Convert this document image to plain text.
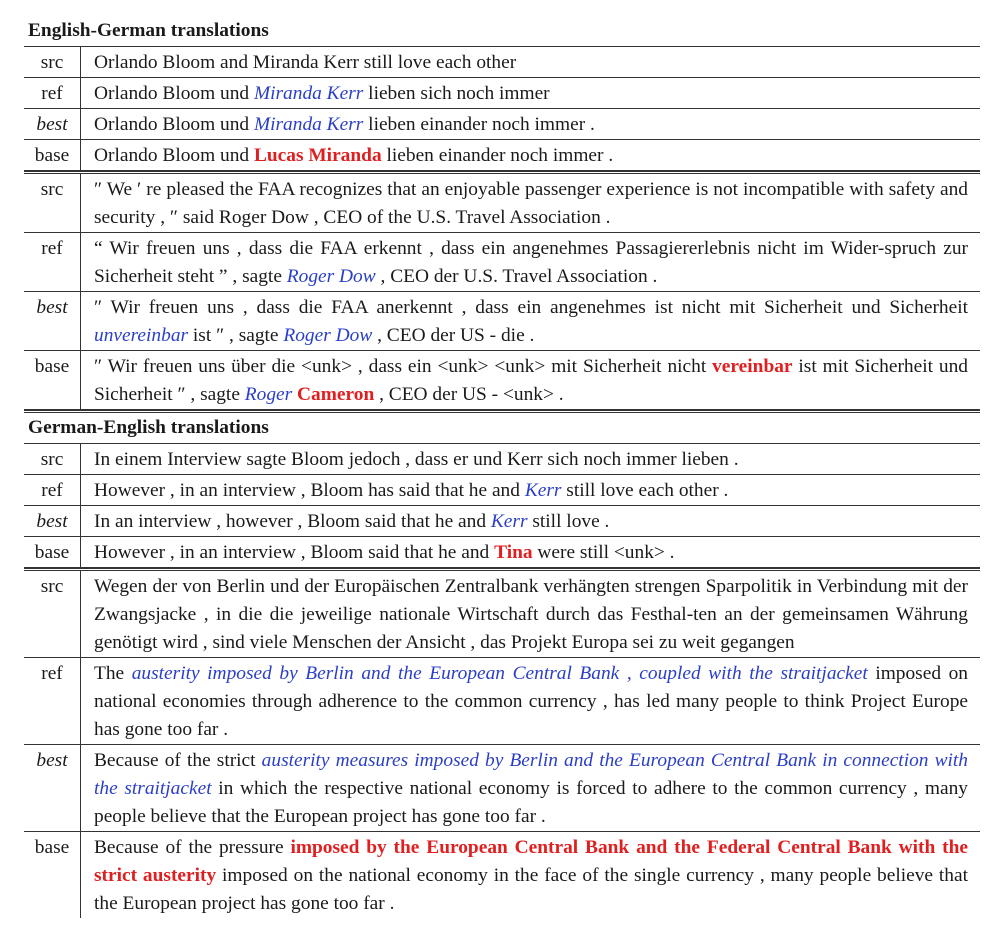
English-German translations
src	Orlando Bloom and Miranda Kerr still love each other
ref	Orlando Bloom und Miranda Kerr lieben sich noch immer
best	Orlando Bloom und Miranda Kerr lieben einander noch immer .
base	Orlando Bloom und Lucas Miranda lieben einander noch immer .
src	″ We ′ re pleased the FAA recognizes that an enjoyable passenger experience is not incompatible with safety and security , ″ said Roger Dow , CEO of the U.S. Travel Association .
ref	“ Wir freuen uns , dass die FAA erkennt , dass ein angenehmes Passagiererlebnis nicht im Wider-spruch zur Sicherheit steht ” , sagte Roger Dow , CEO der U.S. Travel Association .
best	″ Wir freuen uns , dass die FAA anerkennt , dass ein angenehmes ist nicht mit Sicherheit und Sicherheit unvereinbar ist ″ , sagte Roger Dow , CEO der US - die .
base	″ Wir freuen uns über die <unk> , dass ein <unk> <unk> mit Sicherheit nicht vereinbar ist mit Sicherheit und Sicherheit ″ , sagte Roger Cameron , CEO der US - <unk> .
German-English translations
src	In einem Interview sagte Bloom jedoch , dass er und Kerr sich noch immer lieben .
ref	However , in an interview , Bloom has said that he and Kerr still love each other .
best	In an interview , however , Bloom said that he and Kerr still love .
base	However , in an interview , Bloom said that he and Tina were still <unk> .
src	Wegen der von Berlin und der Europäischen Zentralbank verhängten strengen Sparpolitik in Verbindung mit der Zwangsjacke , in die die jeweilige nationale Wirtschaft durch das Festhal-ten an der gemeinsamen Währung genötigt wird , sind viele Menschen der Ansicht , das Projekt Europa sei zu weit gegangen
ref	The austerity imposed by Berlin and the European Central Bank , coupled with the straitjacket imposed on national economies through adherence to the common currency , has led many people to think Project Europe has gone too far .
best	Because of the strict austerity measures imposed by Berlin and the European Central Bank in connection with the straitjacket in which the respective national economy is forced to adhere to the common currency , many people believe that the European project has gone too far .
base	Because of the pressure imposed by the European Central Bank and the Federal Central Bank with the strict austerity imposed on the national economy in the face of the single currency , many people believe that the European project has gone too far .
